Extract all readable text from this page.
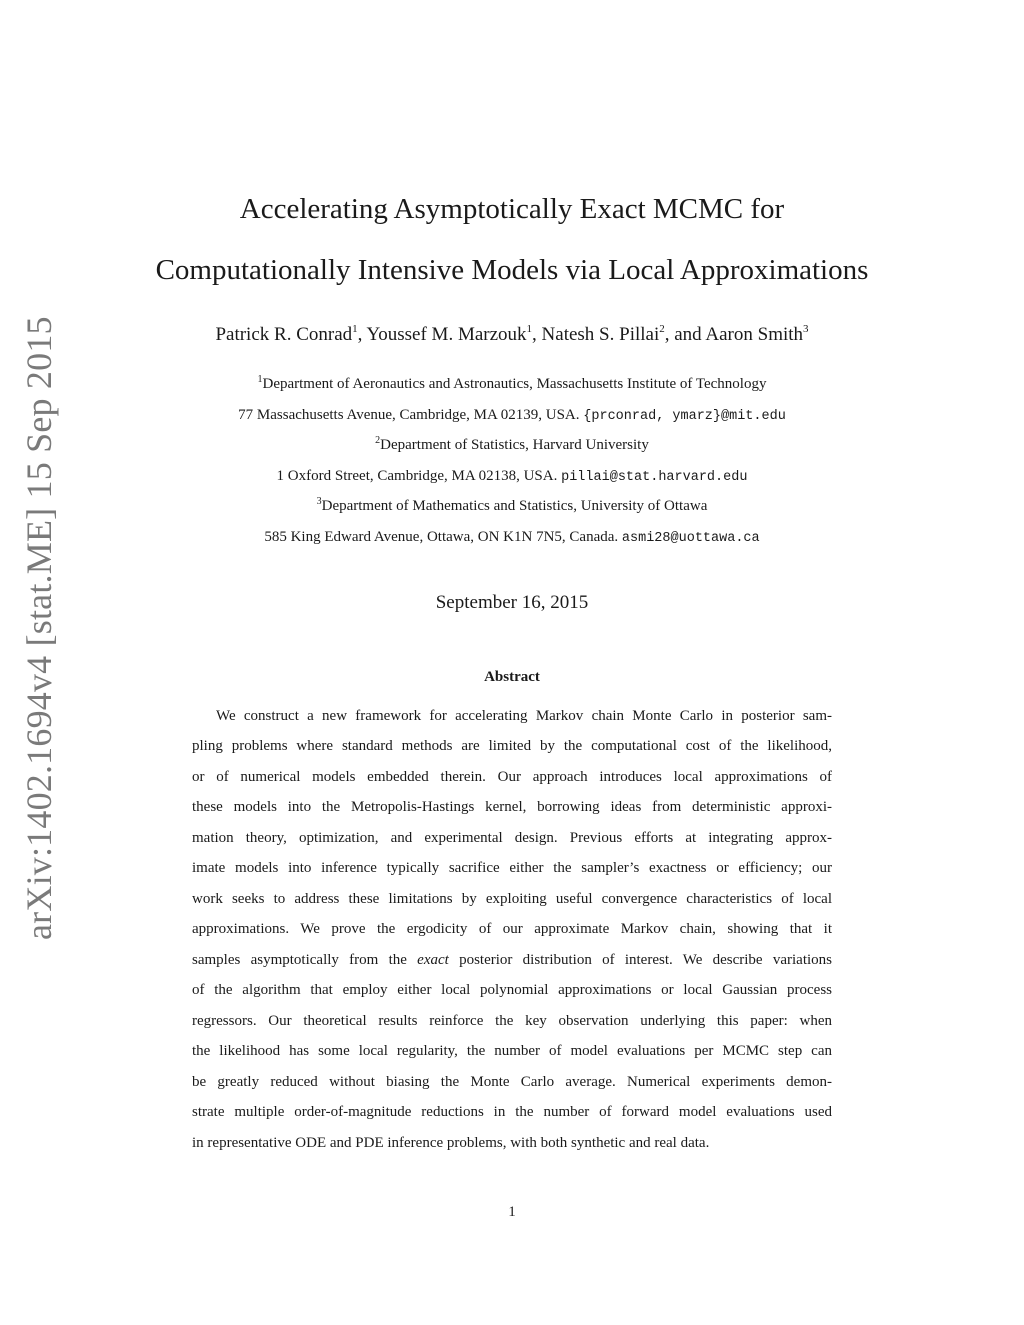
arXiv:1402.1694v4 [stat.ME] 15 Sep 2015
Accelerating Asymptotically Exact MCMC for
Computationally Intensive Models via Local Approximations
Patrick R. Conrad$^1$, Youssef M. Marzouk$^1$, Natesh S. Pillai$^2$, and Aaron Smith$^3$
$^1$Department of Aeronautics and Astronautics, Massachusetts Institute of Technology
77 Massachusetts Avenue, Cambridge, MA 02139, USA. {prconrad, ymarz}@mit.edu
$^2$Department of Statistics, Harvard University
1 Oxford Street, Cambridge, MA 02138, USA. pillai@stat.harvard.edu
$^3$Department of Mathematics and Statistics, University of Ottawa
585 King Edward Avenue, Ottawa, ON K1N 7N5, Canada. asmi28@uottawa.ca
September 16, 2015
Abstract
We construct a new framework for accelerating Markov chain Monte Carlo in posterior sam-
pling problems where standard methods are limited by the computational cost of the likelihood,
or of numerical models embedded therein. Our approach introduces local approximations of
these models into the Metropolis-Hastings kernel, borrowing ideas from deterministic approxi-
mation theory, optimization, and experimental design. Previous efforts at integrating approx-
imate models into inference typically sacrifice either the sampler’s exactness or efficiency; our
work seeks to address these limitations by exploiting useful convergence characteristics of local
approximations. We prove the ergodicity of our approximate Markov chain, showing that it
samples asymptotically from the exact posterior distribution of interest. We describe variations
of the algorithm that employ either local polynomial approximations or local Gaussian process
regressors. Our theoretical results reinforce the key observation underlying this paper: when
the likelihood has some local regularity, the number of model evaluations per MCMC step can
be greatly reduced without biasing the Monte Carlo average. Numerical experiments demon-
strate multiple order-of-magnitude reductions in the number of forward model evaluations used
in representative ODE and PDE inference problems, with both synthetic and real data.
1
